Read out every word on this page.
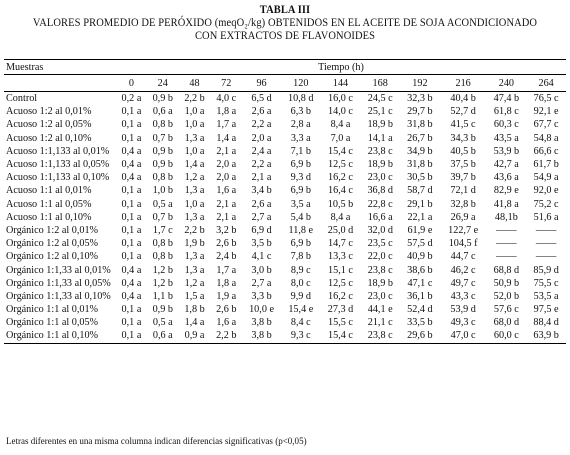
TABLA III
VALORES PROMEDIO DE PERÓXIDO (meqO₂/kg) OBTENIDOS EN EL ACEITE DE SOJA ACONDICIONADO
CON EXTRACTOS DE FLAVONOIDES
Muestras	Tiempo (h)											
	0	24	48	72	96	120	144	168	192	216	240	264
Control	0,2 a	0,9 b	2,2 b	4,0 c	6,5 d	10,8 d	16,0 c	24,5 c	32,3 b	40,4 b	47,4 b	76,5 c
Acuoso 1:2 al 0,01%	0,1 a	0,6 a	1,0 a	1,8 a	2,6 a	6,3 b	14,0 c	25,1 c	29,7 b	52,7 d	61,8 c	92,1 e
Acuoso 1:2 al 0,05%	0,1 a	0,8 b	1,0 a	1,7 a	2,2 a	2,8 a	8,4 a	18,9 b	31,8 b	41,5 c	60,3 c	67,7 c
Acuoso 1:2 al 0,10%	0,1 a	0,7 b	1,3 a	1,4 a	2,0 a	3,3 a	7,0 a	14,1 a	26,7 b	34,3 b	43,5 a	54,8 a
Acuoso 1:1,133 al 0,01%	0,4 a	0,9 b	1,0 a	2,1 a	2,4 a	7,1 b	15,4 c	23,8 c	34,9 b	40,5 b	53,9 b	66,6 c
Acuoso 1:1,133 al 0,05%	0,4 a	0,9 b	1,4 a	2,0 a	2,2 a	6,9 b	12,5 c	18,9 b	31,8 b	37,5 b	42,7 a	61,7 b
Acuoso 1:1,133 al 0,10%	0,4 a	0,8 b	1,2 a	2,0 a	2,1 a	9,3 d	16,2 c	23,0 c	30,5 b	39,7 b	43,6 a	54,9 a
Acuoso 1:1 al 0,01%	0,1 a	1,0 b	1,3 a	1,6 a	3,4 b	6,9 b	16,4 c	36,8 d	58,7 d	72,1 d	82,9 e	92,0 e
Acuoso 1:1 al 0,05%	0,1 a	0,5 a	1,0 a	2,1 a	2,6 a	3,5 a	10,5 b	22,8 c	29,1 b	32,8 b	41,8 a	75,2 c
Acuoso 1:1 al 0,10%	0,1 a	0,7 b	1,3 a	2,1 a	2,7 a	5,4 b	8,4 a	16,6 a	22,1 a	26,9 a	48,1b	51,6 a
Orgánico 1:2 al 0,01%	0,1 a	1,7 c	2,2 b	3,2 b	6,9 d	11,8 e	25,0 d	32,0 d	61,9 e	122,7 e	——	——
Orgánico 1:2 al 0,05%	0,1 a	0,8 b	1,9 b	2,6 b	3,5 b	6,9 b	14,7 c	23,5 c	57,5 d	104,5 f	——	——
Orgánico 1:2 al 0,10%	0,1 a	0,8 b	1,3 a	2,4 b	4,1 c	7,8 b	13,3 c	22,0 c	40,9 b	44,7 c	——	——
Orgánico 1:1,33 al 0,01%	0,4 a	1,2 b	1,3 a	1,7 a	3,0 b	8,9 c	15,1 c	23,8 c	38,6 b	46,2 c	68,8 d	85,9 d
Orgánico 1:1,33 al 0,05%	0,4 a	1,2 b	1,2 a	1,8 a	2,7 a	8,0 c	12,5 c	18,9 b	47,1 c	49,7 c	50,9 b	75,5 c
Orgánico 1:1,33 al 0,10%	0,4 a	1,1 b	1,5 a	1,9 a	3,3 b	9,9 d	16,2 c	23,0 c	36,1 b	43,3 c	52,0 b	53,5 a
Orgánico 1:1 al 0,01%	0,1 a	0,9 b	1,8 b	2,6 b	10,0 e	15,4 e	27,3 d	44,1 e	52,4 d	53,9 d	57,6 c	97,5 e
Orgánico 1:1 al 0,05%	0,1 a	0,5 a	1,4 a	1,6 a	3,8 b	8,4 c	15,5 c	21,1 c	33,5 b	49,3 c	68,0 d	88,4 d
Orgánico 1:1 al 0,10%	0,1 a	0,6 a	0,9 a	2,2 b	3,8 b	9,3 c	15,4 c	23,8 c	29,6 b	47,0 c	60,0 c	63,9 b
Letras diferentes en una misma columna indican diferencias significativas (p<0,05)
